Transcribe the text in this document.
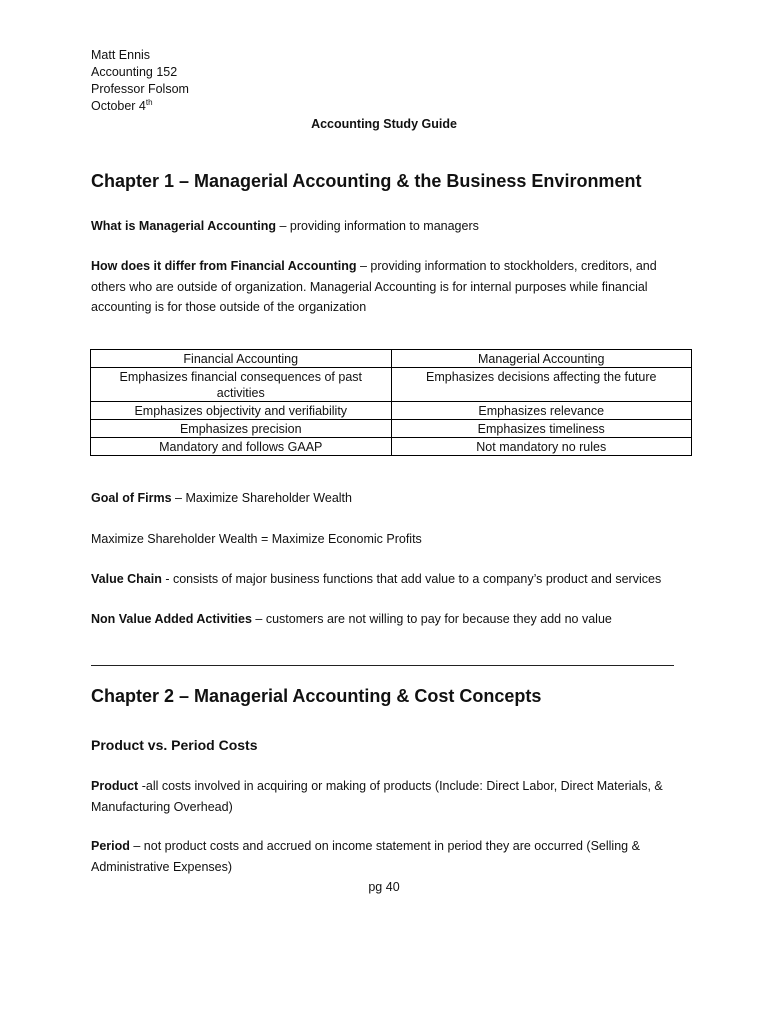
Matt Ennis
Accounting 152
Professor Folsom
October 4th
Accounting Study Guide
Chapter 1 – Managerial Accounting & the Business Environment
What is Managerial Accounting – providing information to managers
How does it differ from Financial Accounting – providing information to stockholders, creditors, and others who are outside of organization. Managerial Accounting is for internal purposes while financial accounting is for those outside of the organization
Financial Accounting	Managerial Accounting
Emphasizes financial consequences of past activities	Emphasizes decisions affecting the future
Emphasizes objectivity and verifiability	Emphasizes relevance
Emphasizes precision	Emphasizes timeliness
Mandatory and follows GAAP	Not mandatory no rules
Goal of Firms – Maximize Shareholder Wealth
Maximize Shareholder Wealth = Maximize Economic Profits
Value Chain - consists of major business functions that add value to a company’s product and services
Non Value Added Activities – customers are not willing to pay for because they add no value
Chapter 2 – Managerial Accounting & Cost Concepts
Product vs. Period Costs
Product -all costs involved in acquiring or making of products (Include: Direct Labor, Direct Materials, & Manufacturing Overhead)
Period – not product costs and accrued on income statement in period they are occurred (Selling & Administrative Expenses)
pg 40
